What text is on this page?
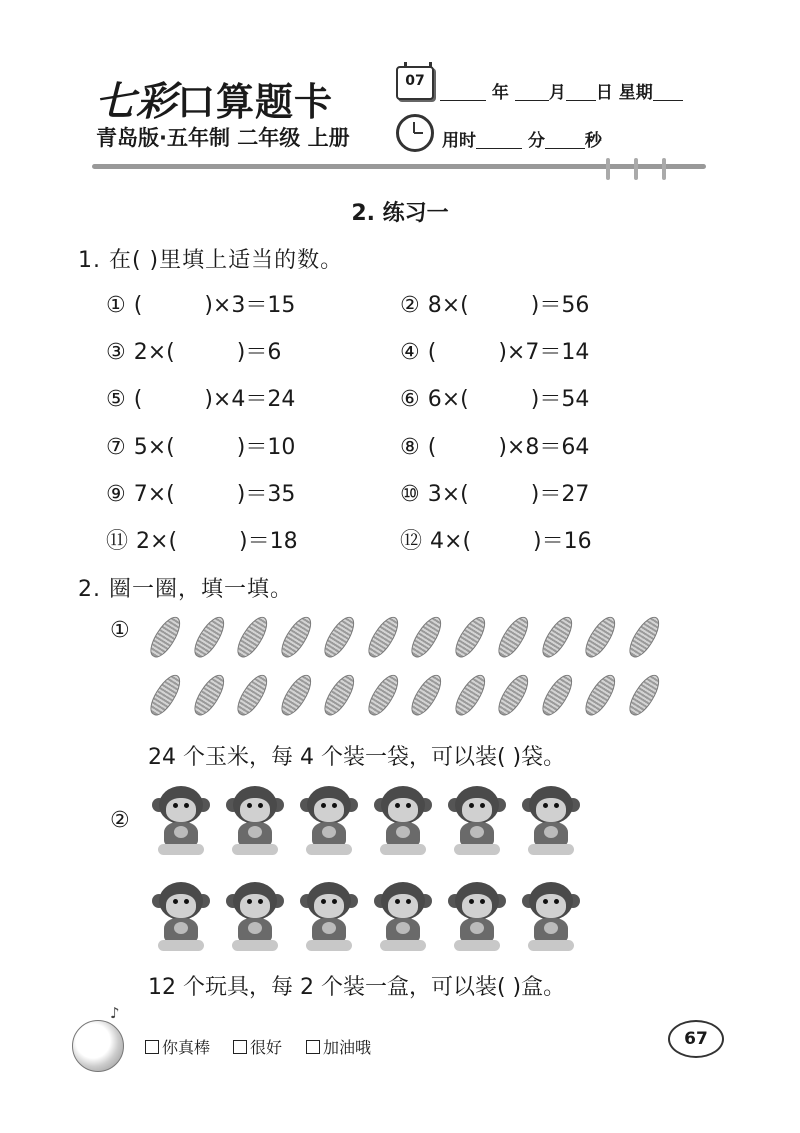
七彩口算题卡
青岛版·五年制 二年级 上册
07
年 月 日 星期
用时	分 秒
2. 练习一
1. 在( )里填上适当的数。
① (	)×3＝15	② 8×(	)＝56
③ 2×(	)＝6	④ (	)×7＝14
⑤ (	)×4＝24	⑥ 6×(	)＝54
⑦ 5×(	)＝10	⑧ (	)×8＝64
⑨ 7×(	)＝35	⑩ 3×(	)＝27
⑪ 2×(	)＝18	⑫ 4×(	)＝16
2. 圈一圈，填一填。
①
24 个玉米，每 4 个装一袋，可以装( )袋。
②
12 个玩具，每 2 个装一盒，可以装( )盒。
♪
你真棒	很好	加油哦	67
